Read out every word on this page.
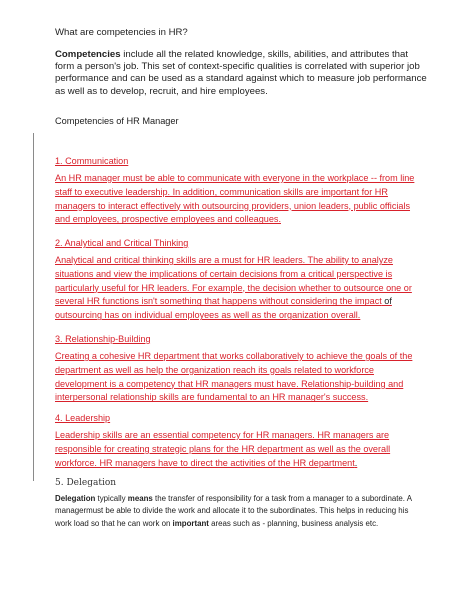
What are competencies in HR?
Competencies include all the related knowledge, skills, abilities, and attributes that form a person's job. This set of context-specific qualities is correlated with superior job performance and can be used as a standard against which to measure job performance as well as to develop, recruit, and hire employees.
Competencies of HR Manager
1. Communication
An HR manager must be able to communicate with everyone in the workplace -- from line staff to executive leadership. In addition, communication skills are important for HR managers to interact effectively with outsourcing providers, union leaders, public officials and employees, prospective employees and colleagues.
2. Analytical and Critical Thinking
Analytical and critical thinking skills are a must for HR leaders. The ability to analyze situations and view the implications of certain decisions from a critical perspective is particularly useful for HR leaders. For example, the decision whether to outsource one or several HR functions isn't something that happens without considering the impact of outsourcing has on individual employees as well as the organization overall.
3. Relationship-Building
Creating a cohesive HR department that works collaboratively to achieve the goals of the department as well as help the organization reach its goals related to workforce development is a competency that HR managers must have. Relationship-building and interpersonal relationship skills are fundamental to an HR manager's success.
4. Leadership
Leadership skills are an essential competency for HR managers. HR managers are responsible for creating strategic plans for the HR department as well as the overall workforce. HR managers have to direct the activities of the HR department.
5. Delegation
Delegation typically means the transfer of responsibility for a task from a manager to a subordinate. A managermust be able to divide the work and allocate it to the subordinates. This helps in reducing his work load so that he can work on important areas such as - planning, business analysis etc.
